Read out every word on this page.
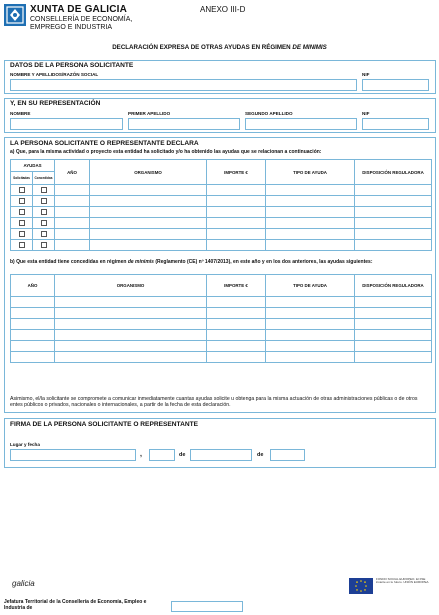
XUNTA DE GALICIA
CONSELLERÍA DE ECONOMÍA,
EMPREGO E INDUSTRIA
ANEXO III-D
DECLARACIÓN EXPRESA DE OTRAS AYUDAS EN RÉGIMEN DE MINIMIS
DATOS DE LA PERSONA SOLICITANTE
NOMBRE Y APELLIDOS/RAZÓN SOCIAL	NIF
Y, EN SU REPRESENTACIÓN
NOMBRE	PRIMER APELLIDO	SEGUNDO APELLIDO	NIF
LA PERSONA SOLICITANTE O REPRESENTANTE DECLARA
a) Que, para la misma actividad o proyecto esta entidad ha solicitado y/o ha obtenido las ayudas que se relacionan a continuación:
AYUDAS		AÑO	ORGANISMO	IMPORTE €	TIPO DE AYUDA	DISPOSICIÓN REGULADORA
Solicitadas	Concedidas					

b) Que esta entidad tiene concedidas en régimen de minimis (Reglamento (CE) nº 1407/2013), en este año y en los dos anteriores, las ayudas siguientes:
AÑO	ORGANISMO	IMPORTE €	TIPO DE AYUDA	DISPOSICIÓN REGULADORA

Asimismo, el/la solicitante se compromete a comunicar inmediatamente cuantas ayudas solicite u obtenga para la misma actuación de otras administraciones públicas o de otros entes públicos o privados, nacionales o internacionales, a partir de la fecha de esta declaración.
FIRMA DE LA PERSONA SOLICITANTE O REPRESENTANTE
Lugar y fecha
,	de	de
galicia	FONDO SOCIAL EUROPEO. El FSE invierte en tu futuro. UNIÓN EUROPEA
Jefatura Territorial de la Consellería de Economía, Empleo e Industria de
